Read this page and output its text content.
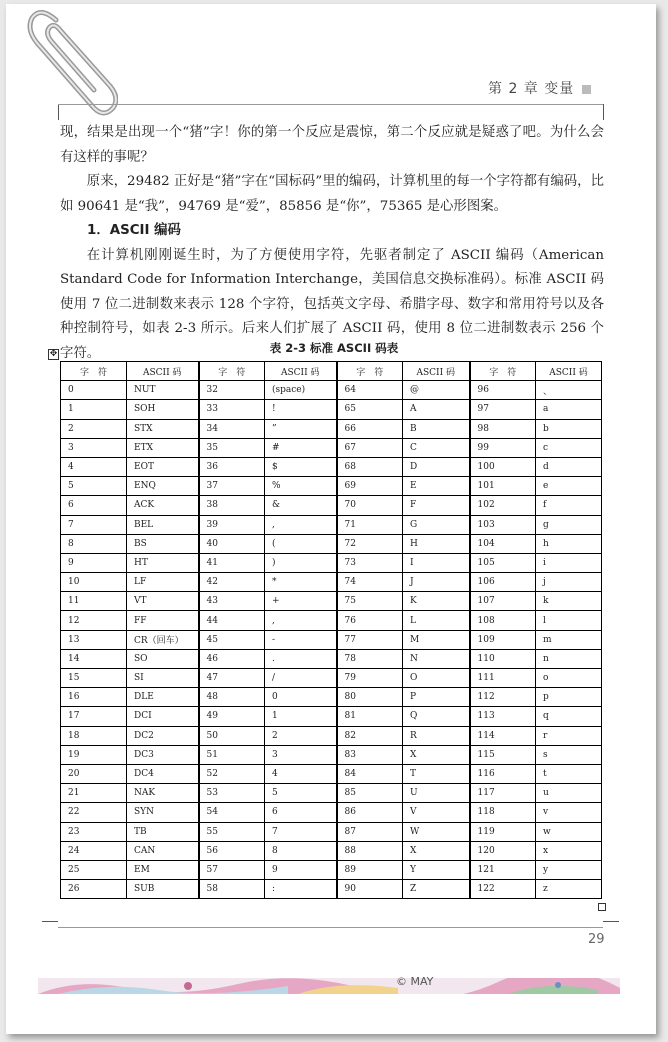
第 2 章 变量

现，结果是出现一个“猪”字！你的第一个反应是震惊，第二个反应就是疑惑了吧。为什么会有这样的事呢？

原来，29482 正好是“猪”字在“国标码”里的编码，计算机里的每一个字符都有编码，比如 90641 是“我”，94769 是“爱”，85856 是“你”，75365 是心形图案。

1．ASCII 编码

在计算机刚刚诞生时，为了方便使用字符，先驱者制定了 ASCII 编码（American Standard Code for Information Interchange，美国信息交换标准码）。标准 ASCII 码使用 7 位二进制数来表示 128 个字符，包括英文字母、希腊字母、数字和常用符号以及各种控制符号，如表 2-3 所示。后来人们扩展了 ASCII 码，使用 8 位二进制数表示 256 个字符。	表 2-3 标准 ASCII 码表
✥
字　符	ASCII 码	字　符	ASCII 码	字　符	ASCII 码	字　符	ASCII 码
0	NUT	32	(space)	64	@	96	、
1	SOH	33	!	65	A	97	a
2	STX	34	”	66	B	98	b
3	ETX	35	#	67	C	99	c
4	EOT	36	$	68	D	100	d
5	ENQ	37	%	69	E	101	e
6	ACK	38	&	70	F	102	f
7	BEL	39	,	71	G	103	g
8	BS	40	(	72	H	104	h
9	HT	41	)	73	I	105	i
10	LF	42	*	74	J	106	j
11	VT	43	+	75	K	107	k
12	FF	44	,	76	L	108	l
13	CR（回车）	45	-	77	M	109	m
14	SO	46	.	78	N	110	n
15	SI	47	/	79	O	111	o
16	DLE	48	0	80	P	112	p
17	DCI	49	1	81	Q	113	q
18	DC2	50	2	82	R	114	r
19	DC3	51	3	83	X	115	s
20	DC4	52	4	84	T	116	t
21	NAK	53	5	85	U	117	u
22	SYN	54	6	86	V	118	v
23	TB	55	7	87	W	119	w
24	CAN	56	8	88	X	120	x
25	EM	57	9	89	Y	121	y
26	SUB	58	:	90	Z	122	z
29
© MAY
